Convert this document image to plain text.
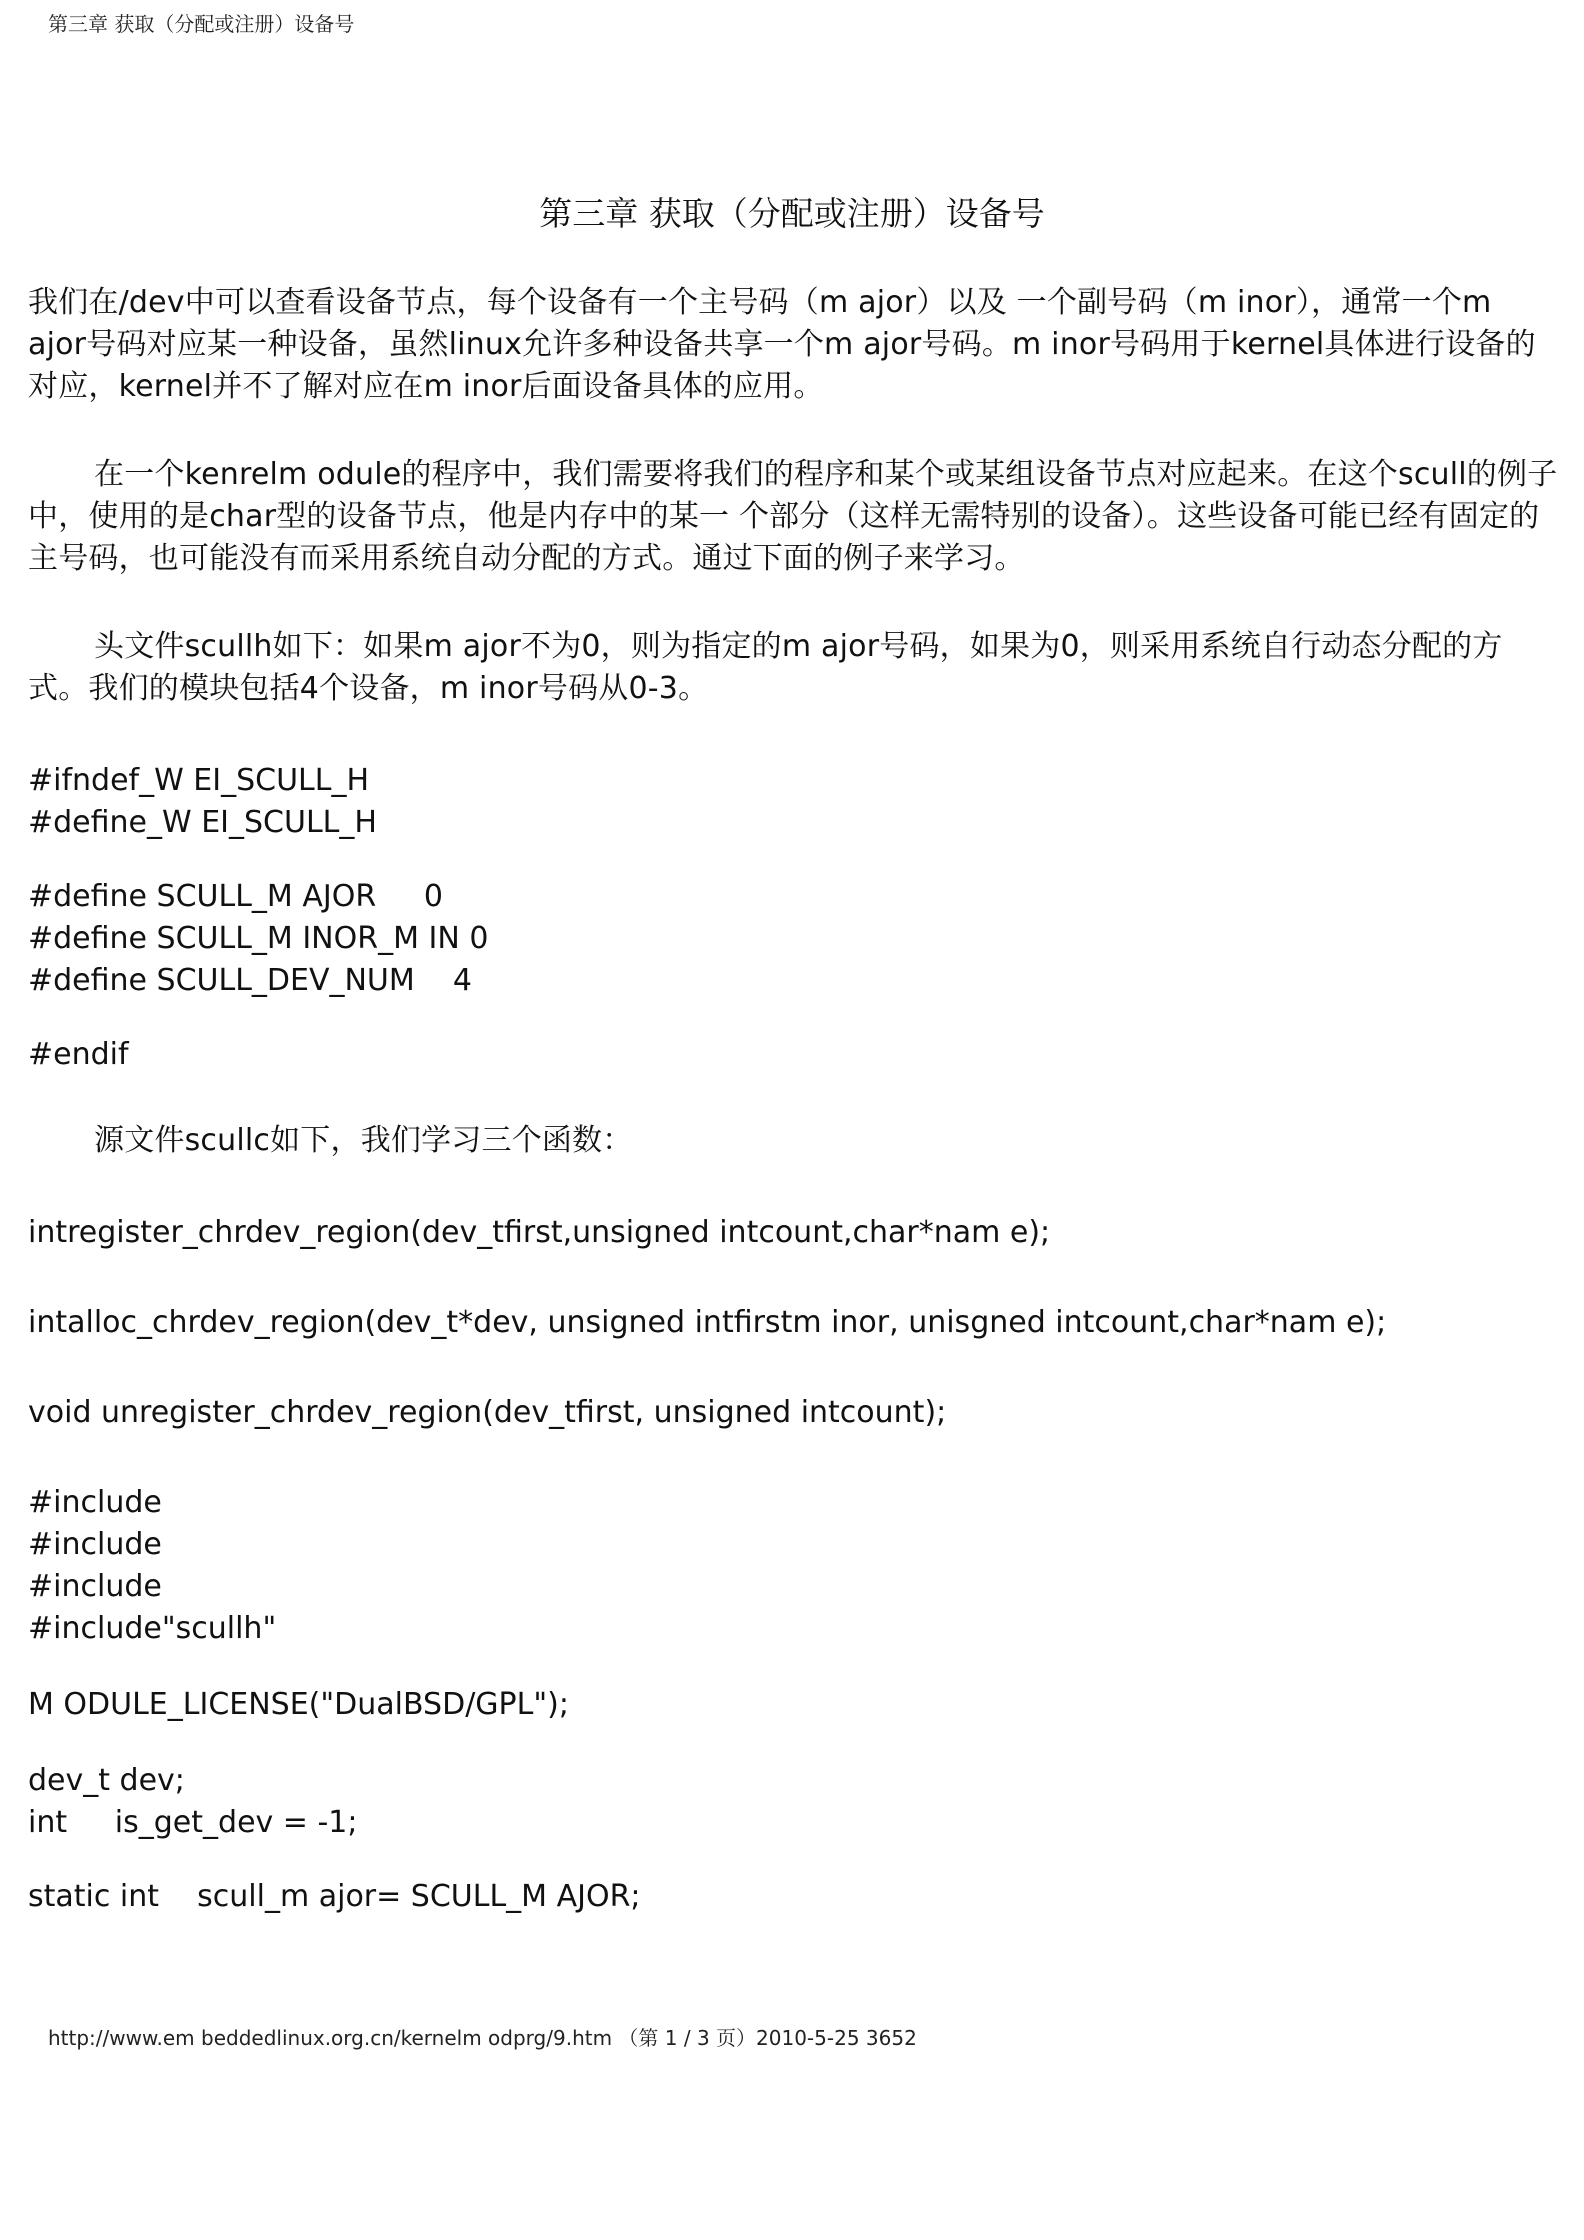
第三章 获取（分配或注册）设备号
第三章 获取（分配或注册）设备号

我们在/dev中可以查看设备节点，每个设备有一个主号码（m ajor）以及 一个副号码（m inor），通常一个m ajor号码对应某一种设备，虽然linux允许多种设备共享一个m ajor号码。m inor号码用于kernel具体进行设备的对应，kernel并不了解对应在m inor后面设备具体的应用。

在一个kenrelm odule的程序中，我们需要将我们的程序和某个或某组设备节点对应起来。在这个scull的例子中，使用的是char型的设备节点，他是内存中的某一 个部分（这样无需特别的设备）。这些设备可能已经有固定的主号码，也可能没有而采用系统自动分配的方式。通过下面的例子来学习。

头文件scullh如下：如果m ajor不为0，则为指定的m ajor号码，如果为0，则采用系统自行动态分配的方式。我们的模块包括4个设备，m inor号码从0-3。

#ifndef_W EI_SCULL_H
#define_W EI_SCULL_H
#define SCULL_M AJOR     0
#define SCULL_M INOR_M IN 0
#define SCULL_DEV_NUM    4
#endif

源文件scullc如下，我们学习三个函数：

intregister_chrdev_region(dev_tfirst,unsigned intcount,char*nam e);
intalloc_chrdev_region(dev_t*dev, unsigned intfirstm inor, unisgned intcount,char*nam e);
void unregister_chrdev_region(dev_tfirst, unsigned intcount);
#include
#include
#include
#include"scullh"
M ODULE_LICENSE("DualBSD/GPL");
dev_t dev;
int     is_get_dev = -1;
static int    scull_m ajor= SCULL_M AJOR;
http://www.em beddedlinux.org.cn/kernelm odprg/9.htm （第 1 / 3 页）2010-5-25 3652
